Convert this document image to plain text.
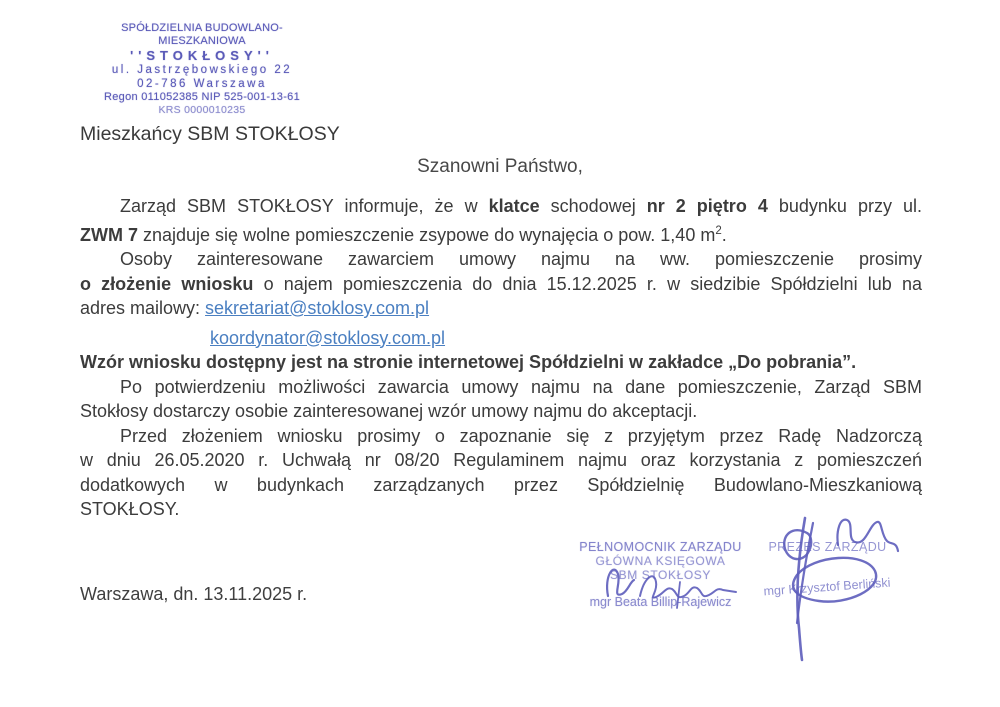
SPÓŁDZIELNIA BUDOWLANO-MIESZKANIOWA
''STOKŁOSY''
ul. Jastrzębowskiego 22
02-786 Warszawa
Regon 011052385 NIP 525-001-13-61
KRS 0000010235
Mieszkańcy SBM STOKŁOSY
Szanowni Państwo,
Zarząd SBM STOKŁOSY informuje, że w klatce schodowej nr 2 piętro 4 budynku przy ul.
ZWM 7 znajduje się wolne pomieszczenie zsypowe do wynajęcia o pow. 1,40 $m^2$.
Osoby zainteresowane zawarciem umowy najmu na ww. pomieszczenie prosimy
o złożenie wniosku o najem pomieszczenia do dnia 15.12.2025 r. w siedzibie Spółdzielni lub na
adres mailowy: sekretariat@stoklosy.com.pl
koordynator@stoklosy.com.pl
Wzór wniosku dostępny jest na stronie internetowej Spółdzielni w zakładce „Do pobrania”.
Po potwierdzeniu możliwości zawarcia umowy najmu na dane pomieszczenie, Zarząd SBM
Stokłosy dostarczy osobie zainteresowanej wzór umowy najmu do akceptacji.
Przed złożeniem wniosku prosimy o zapoznanie się z przyjętym przez Radę Nadzorczą
w dniu 26.05.2020 r. Uchwałą nr 08/20 Regulaminem najmu oraz korzystania z pomieszczeń
dodatkowych w budynkach zarządzanych przez Spółdzielnię Budowlano-Mieszkaniową
STOKŁOSY.
Warszawa, dn. 13.11.2025 r.
PEŁNOMOCNIK ZARZĄDU
GŁÓWNA KSIĘGOWA
SBM STOKŁOSY
mgr Beata Billip-Rajewicz
PREZES ZARZĄDU
mgr Krzysztof Berliński
